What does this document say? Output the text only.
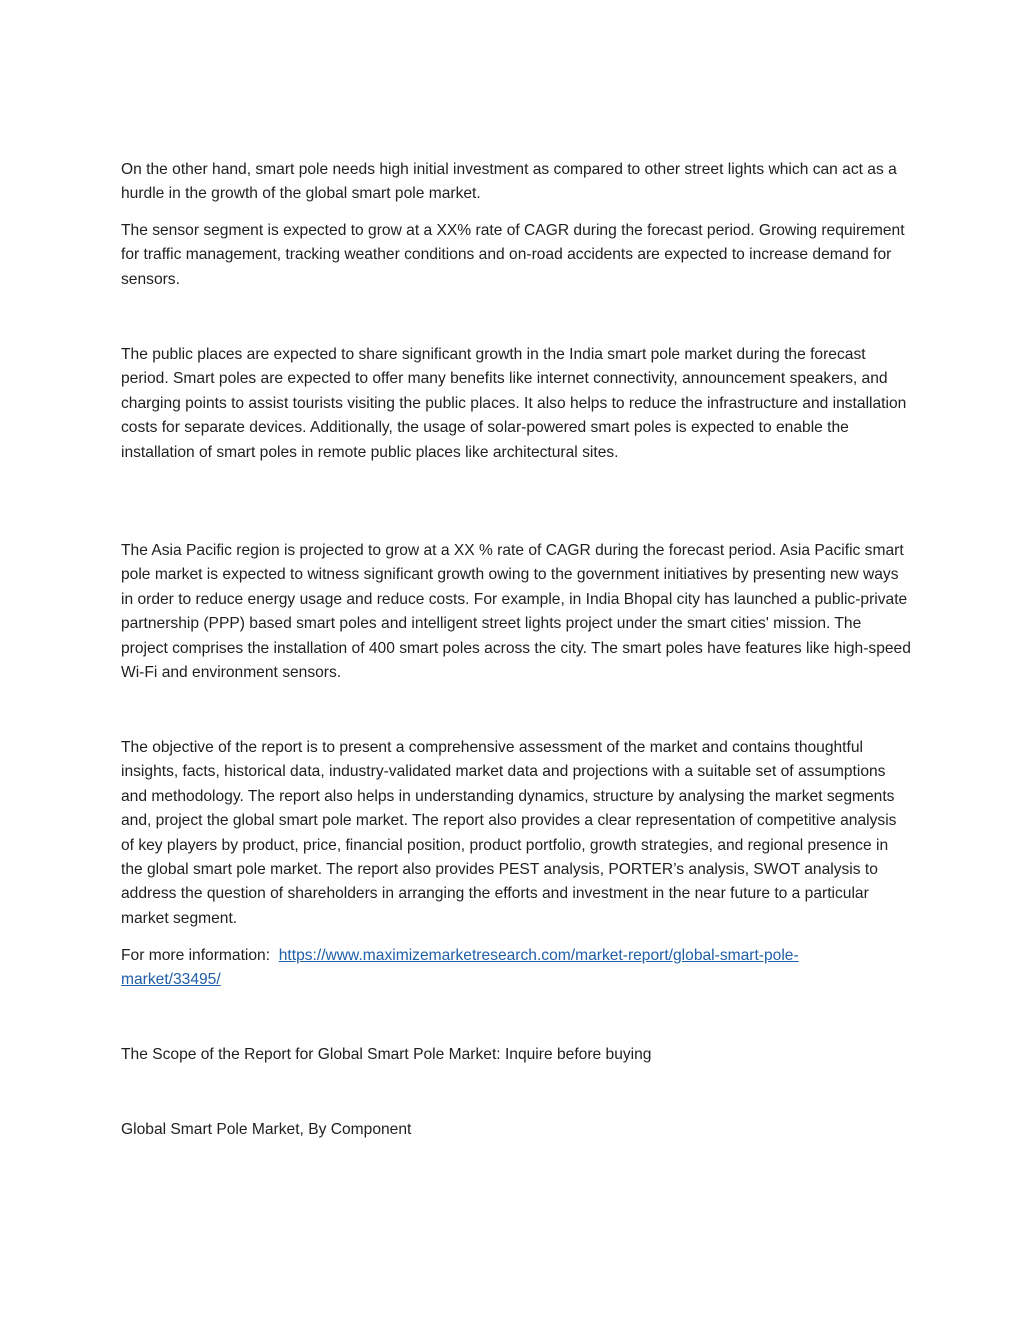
On the other hand, smart pole needs high initial investment as compared to other street lights which can act as a hurdle in the growth of the global smart pole market.

The sensor segment is expected to grow at a XX% rate of CAGR during the forecast period. Growing requirement for traffic management, tracking weather conditions and on-road accidents are expected to increase demand for sensors.

The public places are expected to share significant growth in the India smart pole market during the forecast period. Smart poles are expected to offer many benefits like internet connectivity, announcement speakers, and charging points to assist tourists visiting the public places. It also helps to reduce the infrastructure and installation costs for separate devices. Additionally, the usage of solar-powered smart poles is expected to enable the installation of smart poles in remote public places like architectural sites.

The Asia Pacific region is projected to grow at a XX % rate of CAGR during the forecast period. Asia Pacific smart pole market is expected to witness significant growth owing to the government initiatives by presenting new ways in order to reduce energy usage and reduce costs. For example, in India Bhopal city has launched a public-private partnership (PPP) based smart poles and intelligent street lights project under the smart cities' mission. The project comprises the installation of 400 smart poles across the city. The smart poles have features like high-speed Wi-Fi and environment sensors.

The objective of the report is to present a comprehensive assessment of the market and contains thoughtful insights, facts, historical data, industry-validated market data and projections with a suitable set of assumptions and methodology. The report also helps in understanding dynamics, structure by analysing the market segments and, project the global smart pole market. The report also provides a clear representation of competitive analysis of key players by product, price, financial position, product portfolio, growth strategies, and regional presence in the global smart pole market. The report also provides PEST analysis, PORTER’s analysis, SWOT analysis to address the question of shareholders in arranging the efforts and investment in the near future to a particular market segment.

For more information: https://www.maximizemarketresearch.com/market-report/global-smart-pole-
market/33495/

The Scope of the Report for Global Smart Pole Market: Inquire before buying

Global Smart Pole Market, By Component
